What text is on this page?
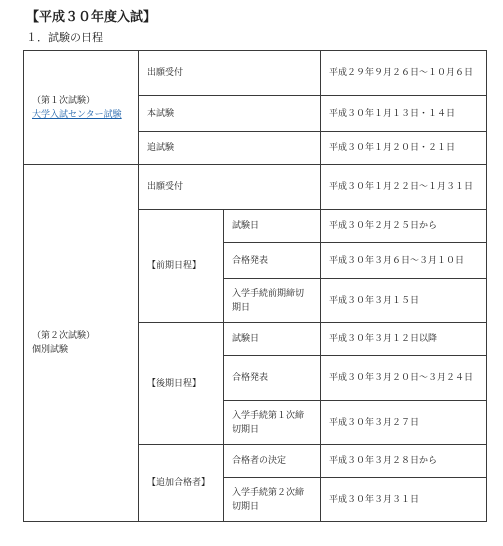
【平成３０年度入試】
１．試験の日程
（第１次試験）
大学入試センター試験	出願受付		平成２９年９月２６日～１０月６日
	本試験		平成３０年１月１３日・１４日
	追試験		平成３０年１月２０日・２１日

（第２次試験）
個別試験	出願受付		平成３０年１月２２日～１月３１日
	【前期日程】	試験日	平成３０年２月２５日から
		合格発表	平成３０年３月６日～３月１０日
		入学手続前期締切期日	平成３０年３月１５日
	【後期日程】	試験日	平成３０年３月１２日以降
		合格発表	平成３０年３月２０日～３月２４日
		入学手続第１次締切期日	平成３０年３月２７日
	【追加合格者】	合格者の決定	平成３０年３月２８日から
		入学手続第２次締切期日	平成３０年３月３１日
